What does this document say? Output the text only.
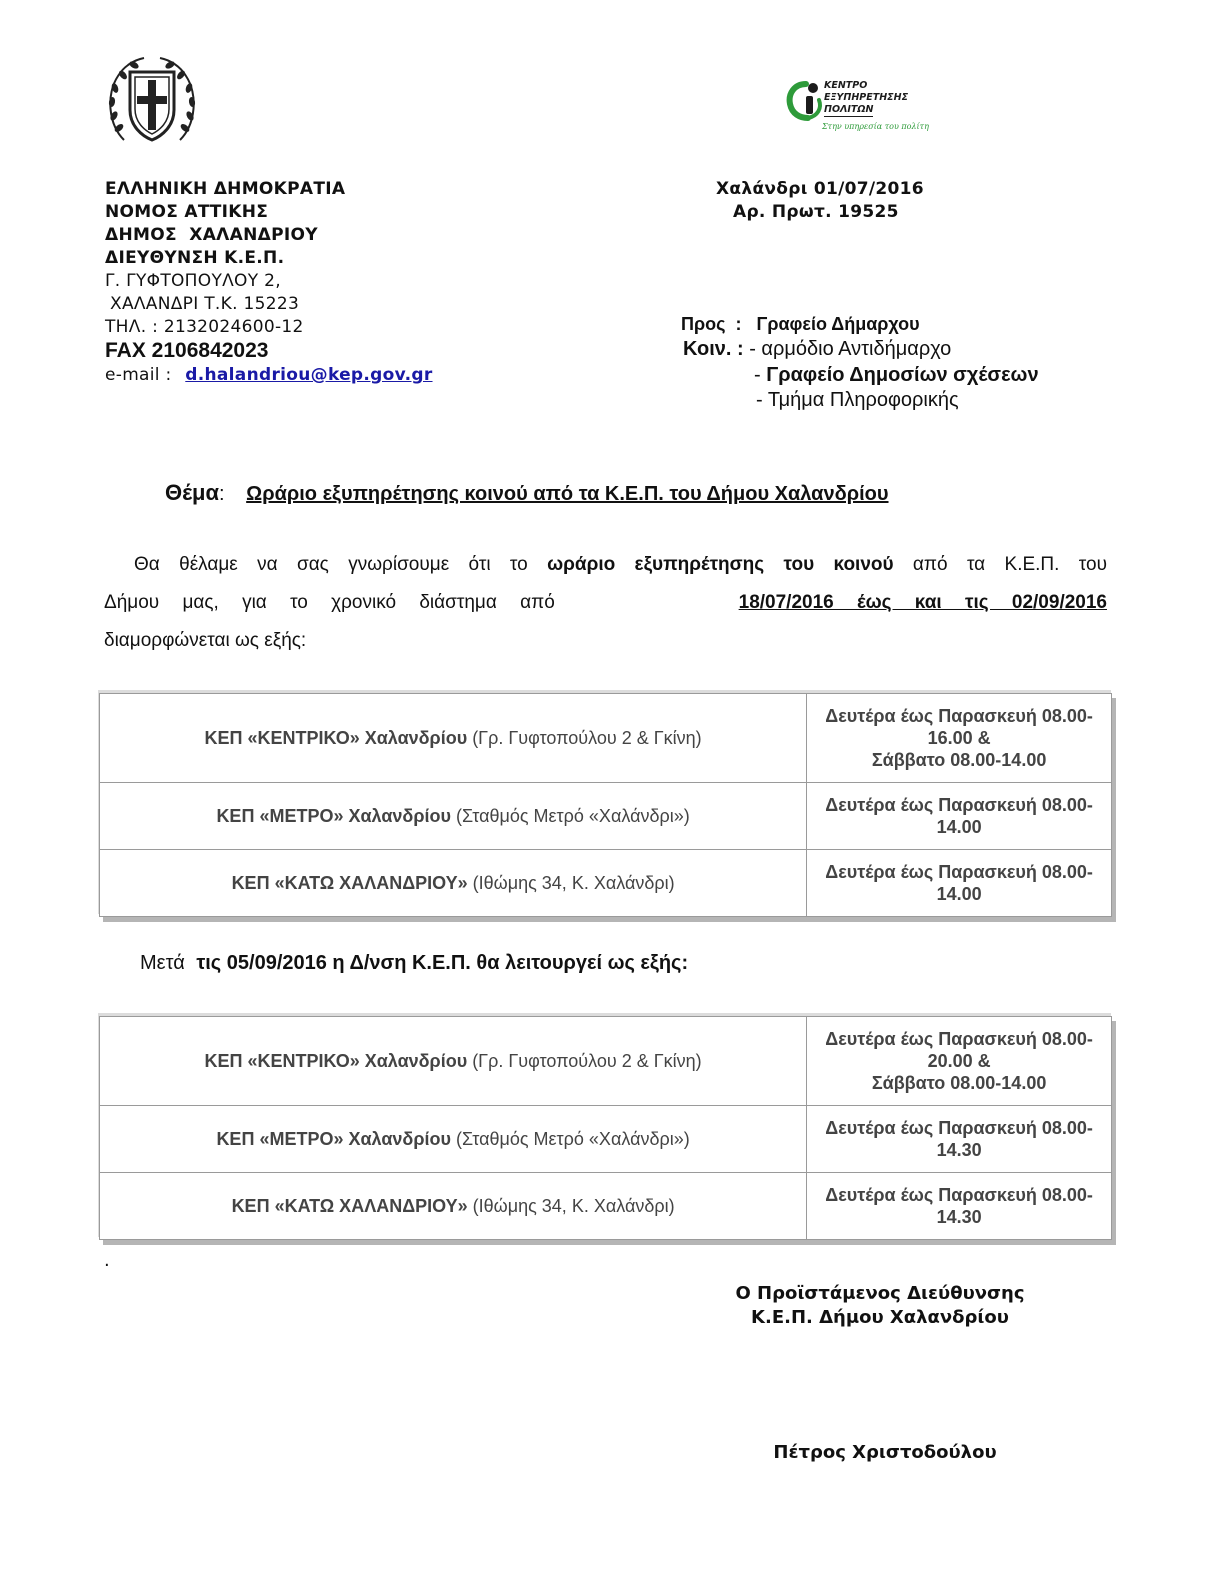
ΚΕΝΤΡΟ
ΕΞΥΠΗΡΕΤΗΣΗΣ
ΠΟΛΙΤΩΝ
Στην υπηρεσία του πολίτη
ΕΛΛΗΝΙΚΗ ΔΗΜΟΚΡΑΤΙΑ
ΝΟΜΟΣ ΑΤΤΙΚΗΣ
ΔΗΜΟΣ  ΧΑΛΑΝΔΡΙΟΥ
ΔΙΕΥΘΥΝΣΗ Κ.Ε.Π.
Γ. ΓΥΦΤΟΠΟΥΛΟΥ 2,
ΧΑΛΑΝΔΡΙ Τ.Κ. 15223
ΤΗΛ. : 2132024600-12
FAX 2106842023
e-mail : d.halandriou@kep.gov.gr
Χαλάνδρι 01/07/2016
Αρ. Πρωτ. 19525
Προς  : Γραφείο Δήμαρχου
Κοιν. : - αρμόδιο Αντιδήμαρχο
- Γραφείο Δημοσίων σχέσεων
- Τμήμα Πληροφορικής
Θέμα: Ωράριο εξυπηρέτησης κοινού από τα Κ.Ε.Π. του Δήμου Χαλανδρίου
Θα θέλαμε να σας γνωρίσουμε ότι το ωράριο εξυπηρέτησης του κοινού από τα Κ.Ε.Π. του
Δήμου μας, για το χρονικό διάστημα από	18/07/2016 έως και τις 02/09/2016
διαμορφώνεται ως εξής:
ΚΕΠ «ΚΕΝΤΡΙΚΟ» Χαλανδρίου (Γρ. Γυφτοπούλου 2 & Γκίνη)	Δευτέρα έως Παρασκευή 08.00-
16.00 &
Σάββατο 08.00-14.00

ΚΕΠ «ΜΕΤΡΟ» Χαλανδρίου (Σταθμός Μετρό «Χαλάνδρι»)	Δευτέρα έως Παρασκευή 08.00-
14.00

ΚΕΠ «ΚΑΤΩ ΧΑΛΑΝΔΡΙΟΥ» (Ιθώμης 34, Κ. Χαλάνδρι)	Δευτέρα έως Παρασκευή 08.00-
14.00
Μετά τις 05/09/2016 η Δ/νση Κ.Ε.Π. θα λειτουργεί ως εξής:
ΚΕΠ «ΚΕΝΤΡΙΚΟ» Χαλανδρίου (Γρ. Γυφτοπούλου 2 & Γκίνη)	Δευτέρα έως Παρασκευή 08.00-
20.00 &
Σάββατο 08.00-14.00

ΚΕΠ «ΜΕΤΡΟ» Χαλανδρίου (Σταθμός Μετρό «Χαλάνδρι»)	Δευτέρα έως Παρασκευή 08.00-
14.30

ΚΕΠ «ΚΑΤΩ ΧΑΛΑΝΔΡΙΟΥ» (Ιθώμης 34, Κ. Χαλάνδρι)	Δευτέρα έως Παρασκευή 08.00-
14.30
.
Ο Προϊστάμενος Διεύθυνσης
Κ.Ε.Π. Δήμου Χαλανδρίου
Πέτρος Χριστοδούλου
